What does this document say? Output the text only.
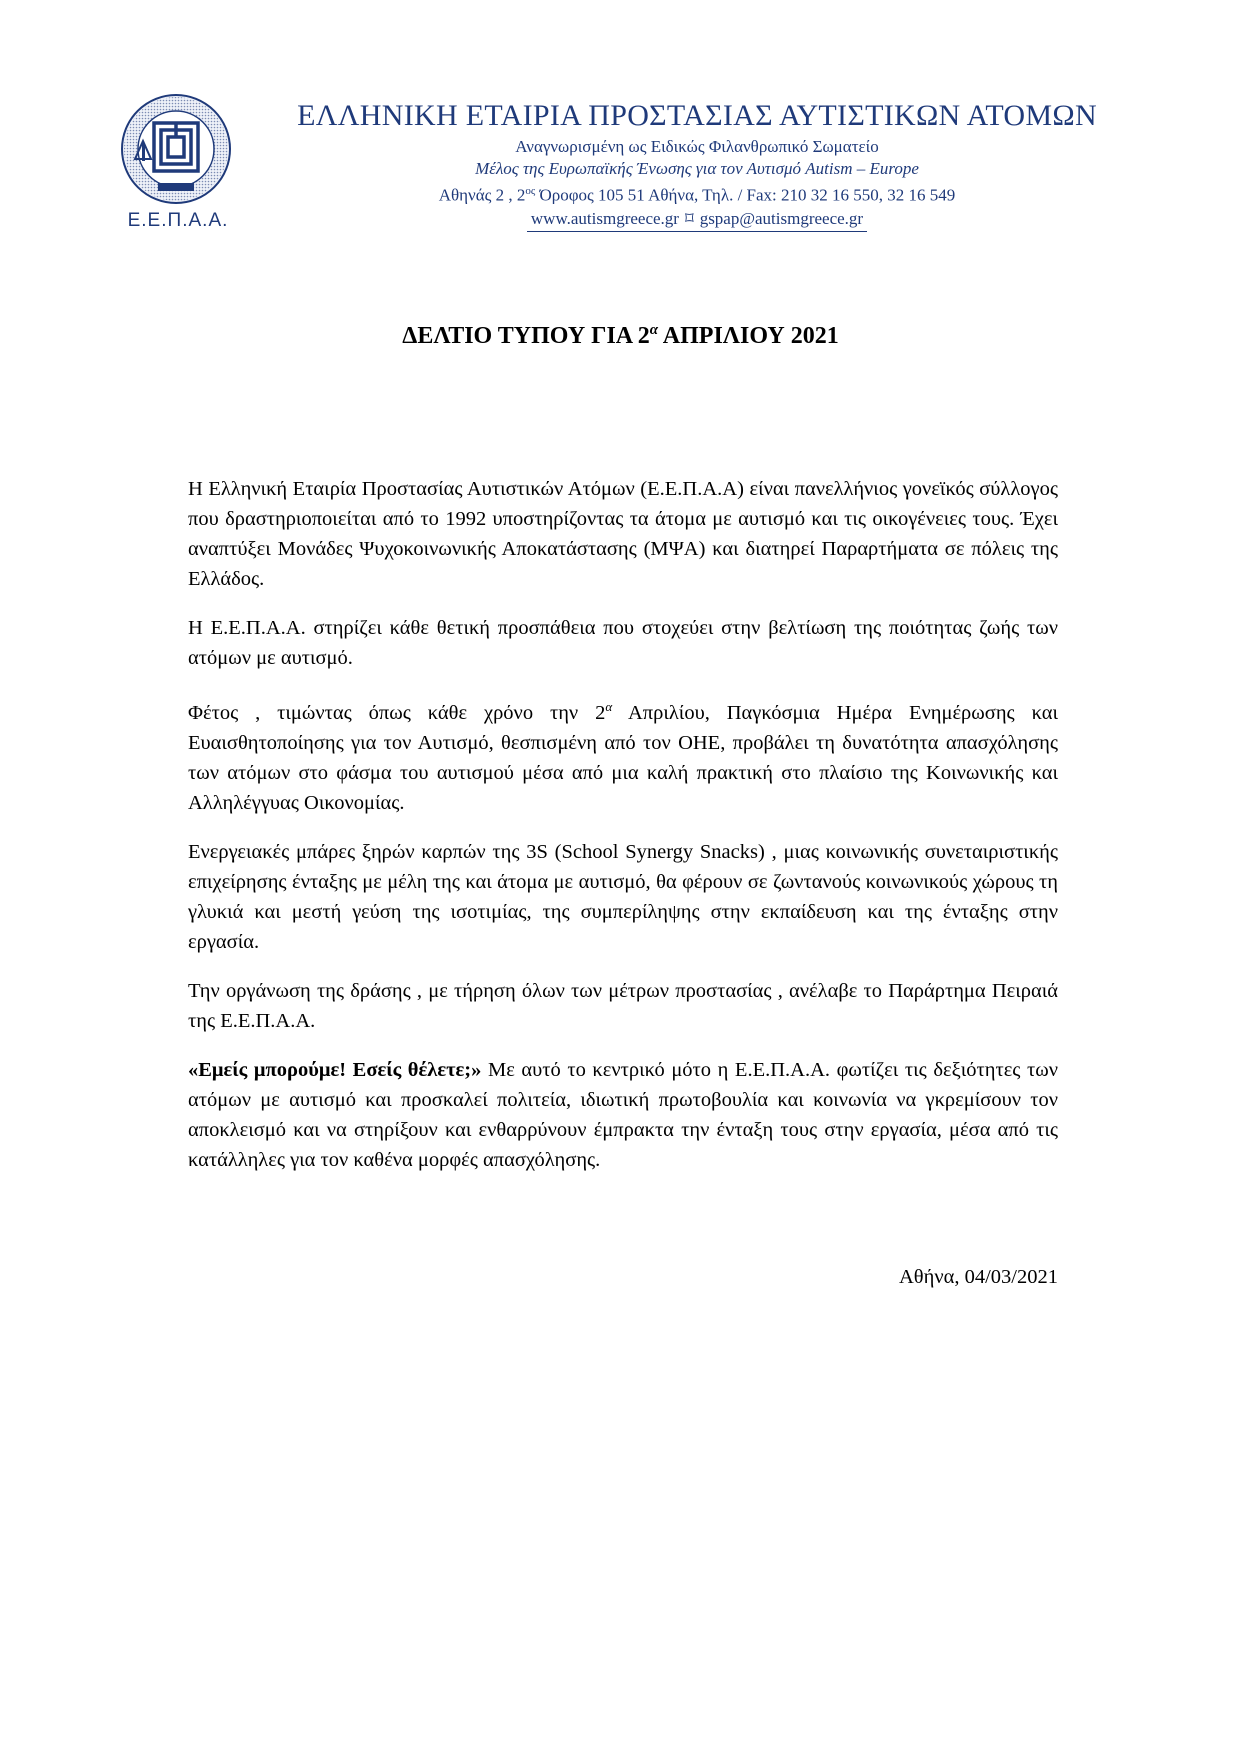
Ε.Ε.Π.Α.Α.
ΕΛΛΗΝΙΚΗ ΕΤΑΙΡΙΑ ΠΡΟΣΤΑΣΙΑΣ ΑΥΤΙΣΤΙΚΩΝ ΑΤΟΜΩΝ
Αναγνωρισμένη ως Ειδικώς Φιλανθρωπικό Σωματείο
Μέλος της Ευρωπαϊκής Ένωσης για τον Αυτισμό Autism – Europe
Αθηνάς 2 , $2^{o\varsigma}$ Όροφος 105 51 Αθήνα, Τηλ. / Fax: 210 32 16 550, 32 16 549
www.autismgreece.gr ⌑ gspap@autismgreece.gr
ΔΕΛΤΙΟ ΤΥΠΟΥ ΓΙΑ $2^\alpha$ ΑΠΡΙΛΙΟΥ 2021

Η Ελληνική Εταιρία Προστασίας Αυτιστικών Ατόμων (Ε.Ε.Π.Α.Α) είναι πανελλήνιος γονεϊκός σύλλογος που δραστηριοποιείται από το 1992 υποστηρίζοντας τα άτομα με αυτισμό και τις οικογένειες τους. Έχει αναπτύξει Μονάδες Ψυχοκοινωνικής Αποκατάστασης (ΜΨΑ) και διατηρεί Παραρτήματα σε πόλεις της Ελλάδος.

Η Ε.Ε.Π.Α.Α. στηρίζει κάθε θετική προσπάθεια που στοχεύει στην βελτίωση της ποιότητας ζωής των ατόμων με αυτισμό.

Φέτος , τιμώντας όπως κάθε χρόνο την $2^\alpha$ Απριλίου, Παγκόσμια Ημέρα Ενημέρωσης και Ευαισθητοποίησης για τον Αυτισμό, θεσπισμένη από τον ΟΗΕ, προβάλει τη δυνατότητα απασχόλησης των ατόμων στο φάσμα του αυτισμού μέσα από μια καλή πρακτική στο πλαίσιο της Κοινωνικής και Αλληλέγγυας Οικονομίας.

Ενεργειακές μπάρες ξηρών καρπών της 3S (School Synergy Snacks) , μιας κοινωνικής συνεταιριστικής επιχείρησης ένταξης με μέλη της και άτομα με αυτισμό, θα φέρουν σε ζωντανούς κοινωνικούς χώρους τη γλυκιά και μεστή γεύση της ισοτιμίας, της συμπερίληψης στην εκπαίδευση και της ένταξης στην εργασία.

Την οργάνωση της δράσης , με τήρηση όλων των μέτρων προστασίας , ανέλαβε το Παράρτημα Πειραιά της Ε.Ε.Π.Α.Α.

«Εμείς μπορούμε! Εσείς θέλετε;» Με αυτό το κεντρικό μότο η Ε.Ε.Π.Α.Α. φωτίζει τις δεξιότητες των ατόμων με αυτισμό και προσκαλεί πολιτεία, ιδιωτική πρωτοβουλία και κοινωνία να γκρεμίσουν τον αποκλεισμό και να στηρίξουν και ενθαρρύνουν έμπρακτα την ένταξη τους στην εργασία, μέσα από τις κατάλληλες για τον καθένα μορφές απασχόλησης.

Αθήνα, 04/03/2021
